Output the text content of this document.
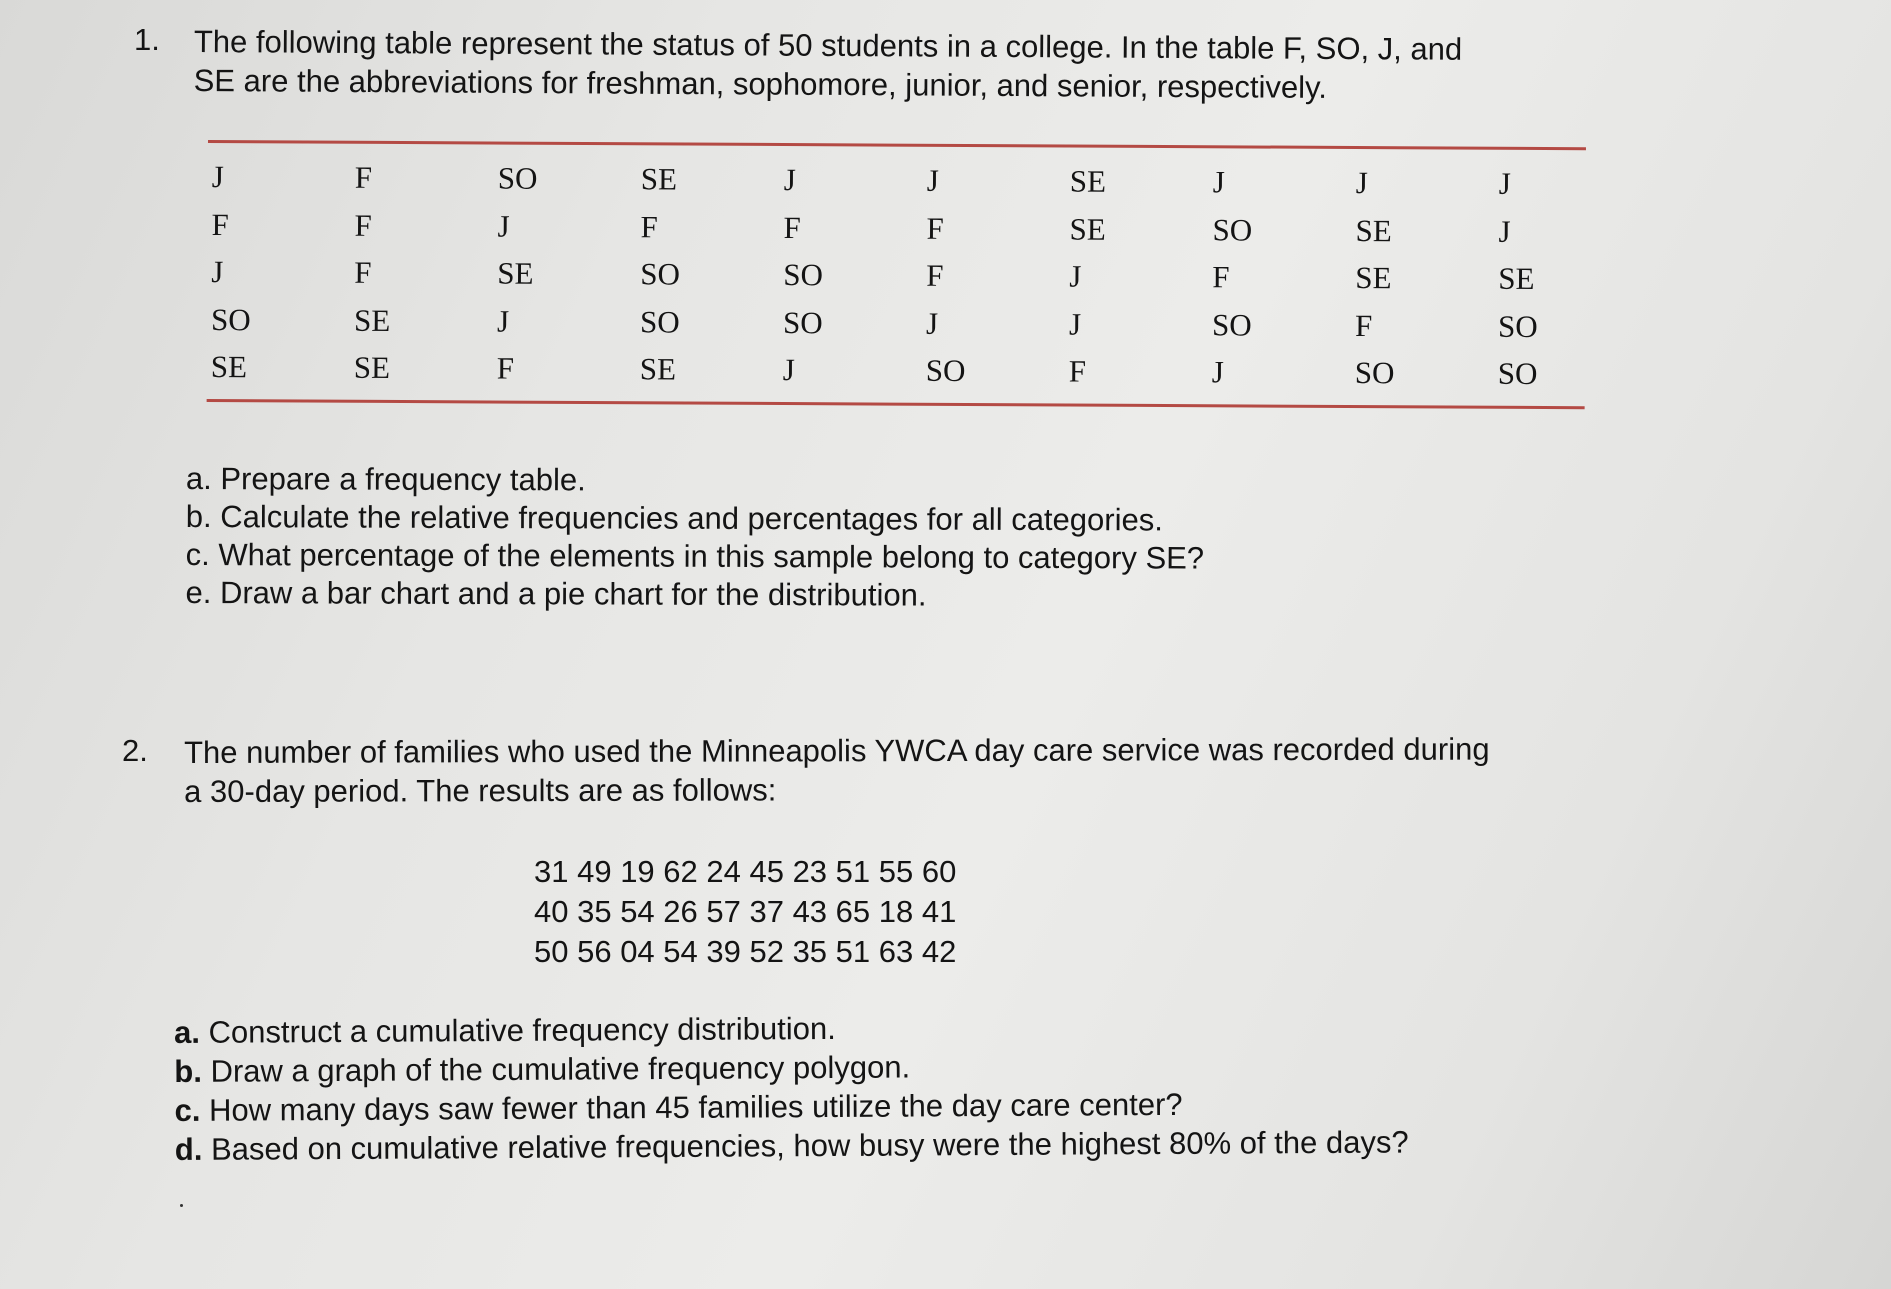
1. The following table represent the status of 50 students in a college. In the table F, SO, J, and
SE are the abbreviations for freshman, sophomore, junior, and senior, respectively.
J	F	SO	SE	J	J	SE	J	J	J
F	F	J	F	F	F	SE	SO	SE	J
J	F	SE	SO	SO	F	J	F	SE	SE
SO	SE	J	SO	SO	J	J	SO	F	SO
SE	SE	F	SE	J	SO	F	J	SO	SO
a. Prepare a frequency table.
b. Calculate the relative frequencies and percentages for all categories.
c. What percentage of the elements in this sample belong to category SE?
e. Draw a bar chart and a pie chart for the distribution.
2. The number of families who used the Minneapolis YWCA day care service was recorded during
a 30-day period. The results are as follows:
31 49 19 62 24 45 23 51 55 60
40 35 54 26 57 37 43 65 18 41
50 56 04 54 39 52 35 51 63 42
a. Construct a cumulative frequency distribution.
b. Draw a graph of the cumulative frequency polygon.
c. How many days saw fewer than 45 families utilize the day care center?
d. Based on cumulative relative frequencies, how busy were the highest 80% of the days?
